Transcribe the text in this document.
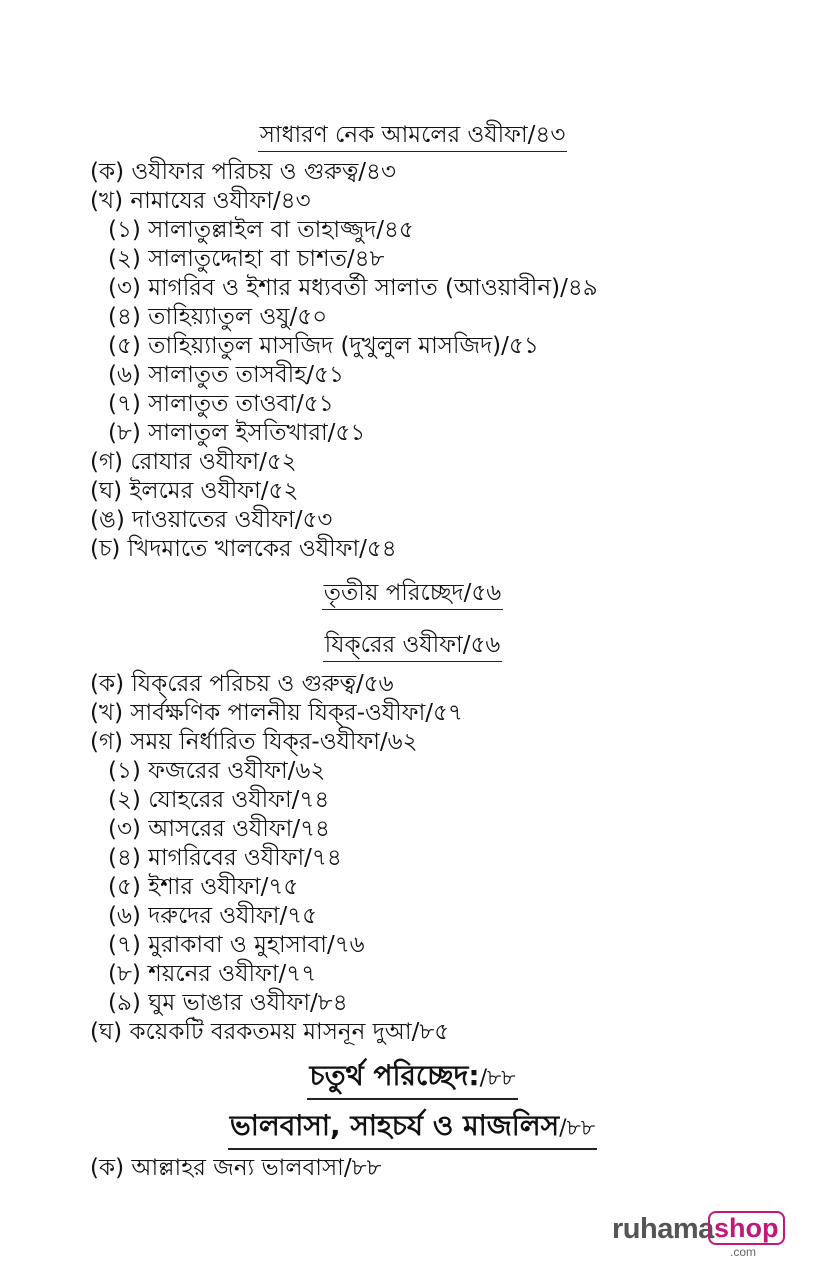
সাধারণ নেক আমলের ওযীফা/৪৩
(ক) ওযীফার পরিচয় ও গুরুত্ব/৪৩
(খ) নামাযের ওযীফা/৪৩
(১) সালাতুল্লাইল বা তাহাজ্জুদ/৪৫
(২) সালাতুদ্দোহা বা চাশত/৪৮
(৩) মাগরিব ও ইশার মধ্যবর্তী সালাত (আওয়াবীন)/৪৯
(৪) তাহিয়্যাতুল ওযু/৫০
(৫) তাহিয়্যাতুল মাসজিদ (দুখুলুল মাসজিদ)/৫১
(৬) সালাতুত তাসবীহ/৫১
(৭) সালাতুত তাওবা/৫১
(৮) সালাতুল ইসতিখারা/৫১
(গ) রোযার ওযীফা/৫২
(ঘ) ইলমের ওযীফা/৫২
(ঙ) দাওয়াতের ওযীফা/৫৩
(চ) খিদমাতে খালকের ওযীফা/৫৪
তৃতীয় পরিচ্ছেদ/৫৬
যিক্‌রের ওযীফা/৫৬
(ক) যিক্‌রের পরিচয় ও গুরুত্ব/৫৬
(খ) সার্বক্ষণিক পালনীয় যিক্‌র-ওযীফা/৫৭
(গ) সময় নির্ধারিত যিক্‌র-ওযীফা/৬২
(১) ফজরের ওযীফা/৬২
(২) যোহরের ওযীফা/৭৪
(৩) আসরের ওযীফা/৭৪
(৪) মাগরিবের ওযীফা/৭৪
(৫) ইশার ওযীফা/৭৫
(৬) দরুদের ওযীফা/৭৫
(৭) মুরাকাবা ও মুহাসাবা/৭৬
(৮) শয়নের ওযীফা/৭৭
(৯) ঘুম ভাঙার ওযীফা/৮৪
(ঘ) কয়েকটি বরকতময় মাসনূন দুআ/৮৫
চতুর্থ পরিচ্ছেদ:/৮৮
ভালবাসা, সাহচর্য ও মাজলিস/৮৮
(ক) আল্লাহর জন্য ভালবাসা/৮৮
ruhama shop
.com
